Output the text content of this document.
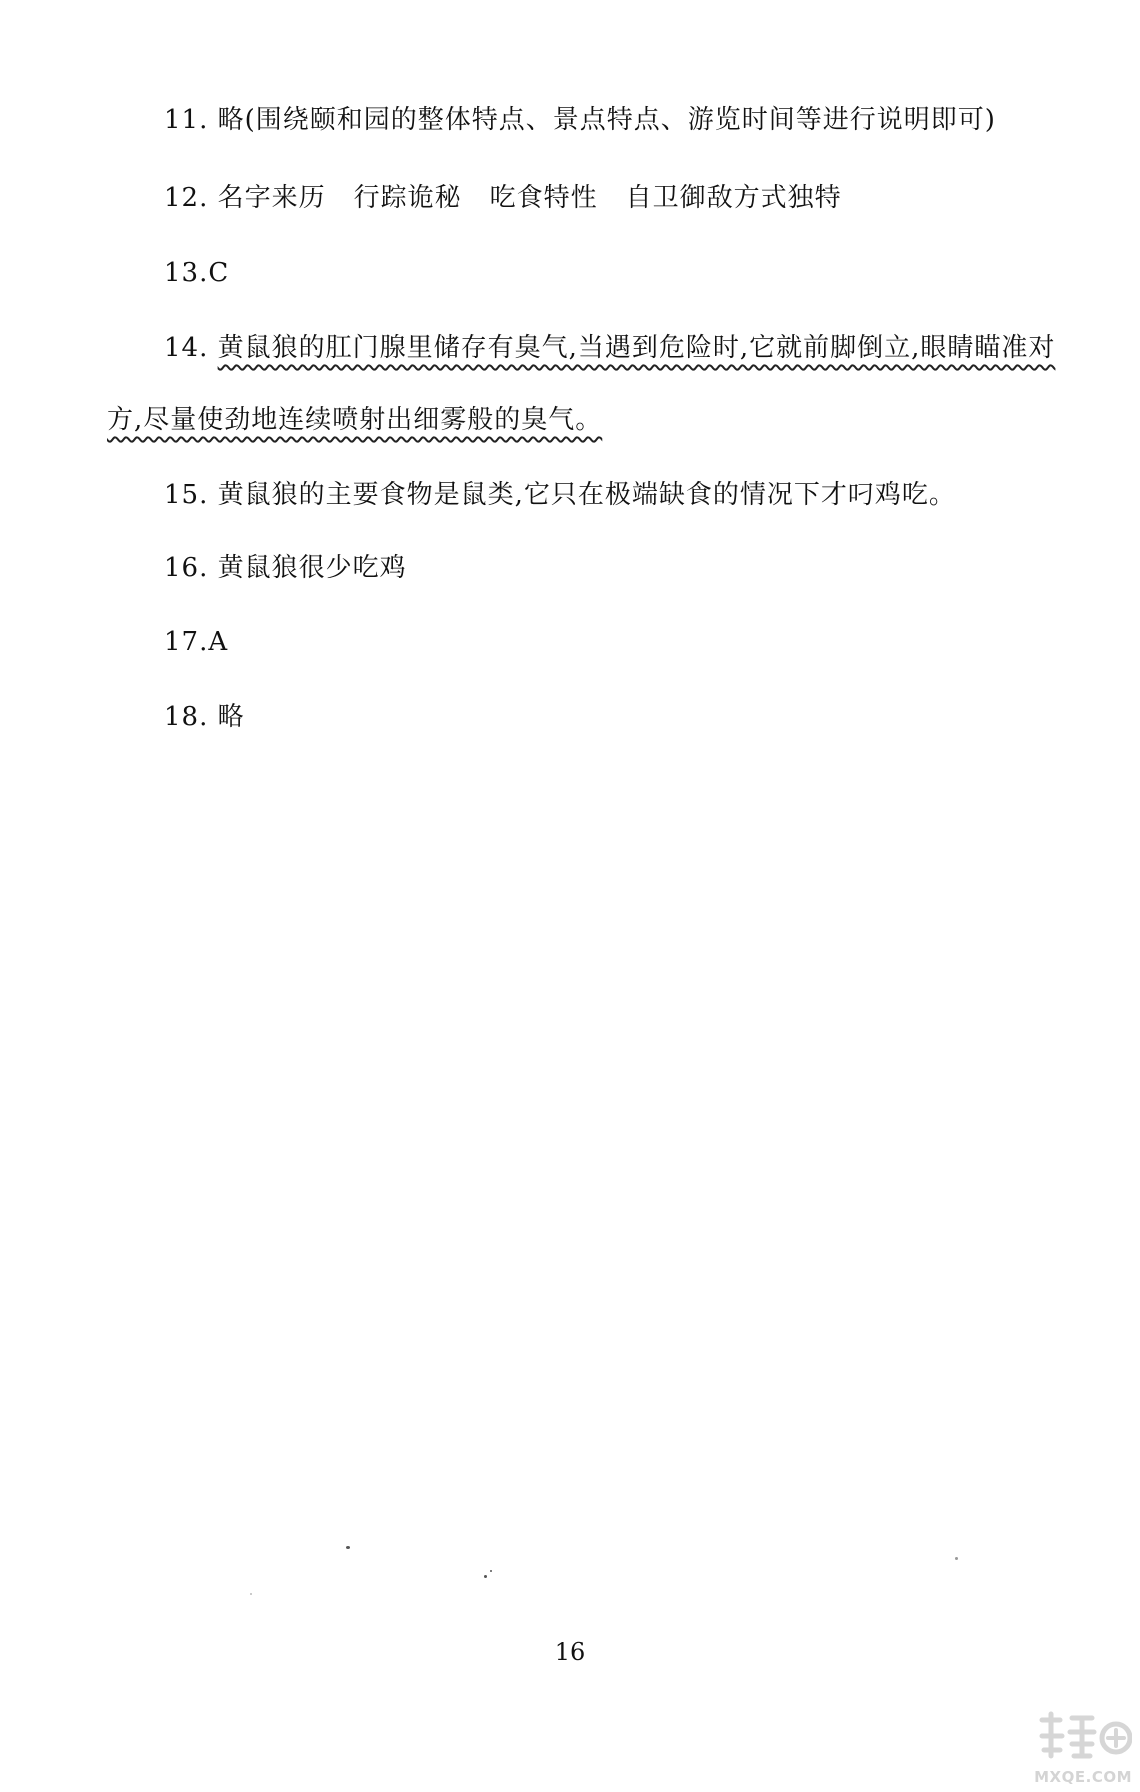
11. 略(围绕颐和园的整体特点、景点特点、游览时间等进行说明即可)
12. 名字来历 行踪诡秘 吃食特性 自卫御敌方式独特
13.C
14. 黄鼠狼的肛门腺里储存有臭气,当遇到危险时,它就前脚倒立,眼睛瞄准对
方,尽量使劲地连续喷射出细雾般的臭气。
15. 黄鼠狼的主要食物是鼠类,它只在极端缺食的情况下才叼鸡吃。
16. 黄鼠狼很少吃鸡
17.A
18. 略
16
MXQE.COM
